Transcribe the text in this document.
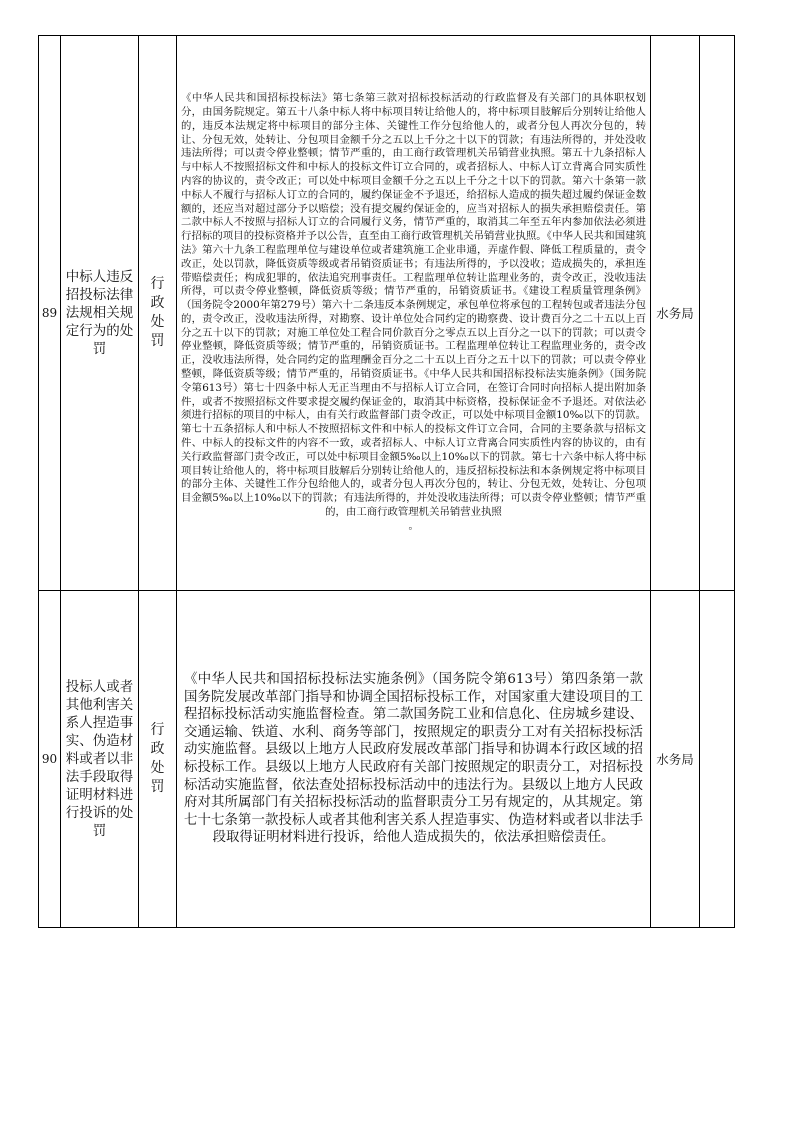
89	中标人违反招投标法律法规相关规定行为的处罚	行政处罚	《中华人民共和国招标投标法》第七条第三款对招标投标活动的行政监督及有关部门的具体职权划分，由国务院规定。第五十八条中标人将中标项目转让给他人的，将中标项目肢解后分别转让给他人的，违反本法规定将中标项目的部分主体、关键性工作分包给他人的，或者分包人再次分包的，转让、分包无效，处转让、分包项目金额千分之五以上千分之十以下的罚款；有违法所得的，并处没收违法所得；可以责令停业整顿；情节严重的，由工商行政管理机关吊销营业执照。第五十九条招标人与中标人不按照招标文件和中标人的投标文件订立合同的，或者招标人、中标人订立背离合同实质性内容的协议的，责令改正；可以处中标项目金额千分之五以上千分之十以下的罚款。第六十条第一款中标人不履行与招标人订立的合同的，履约保证金不予退还，给招标人造成的损失超过履约保证金数额的，还应当对超过部分予以赔偿；没有提交履约保证金的，应当对招标人的损失承担赔偿责任。第二款中标人不按照与招标人订立的合同履行义务，情节严重的，取消其二年至五年内参加依法必须进行招标的项目的投标资格并予以公告，直至由工商行政管理机关吊销营业执照。《中华人民共和国建筑法》第六十九条工程监理单位与建设单位或者建筑施工企业串通，弄虚作假、降低工程质量的，责令改正，处以罚款，降低资质等级或者吊销资质证书；有违法所得的，予以没收；造成损失的，承担连带赔偿责任；构成犯罪的，依法追究刑事责任。工程监理单位转让监理业务的，责令改正，没收违法所得，可以责令停业整顿，降低资质等级；情节严重的，吊销资质证书。《建设工程质量管理条例》（国务院令2000年第279号）第六十二条违反本条例规定，承包单位将承包的工程转包或者违法分包的，责令改正，没收违法所得，对勘察、设计单位处合同约定的勘察费、设计费百分之二十五以上百分之五十以下的罚款；对施工单位处工程合同价款百分之零点五以上百分之一以下的罚款；可以责令停业整顿，降低资质等级；情节严重的，吊销资质证书。工程监理单位转让工程监理业务的，责令改正，没收违法所得，处合同约定的监理酬金百分之二十五以上百分之五十以下的罚款；可以责令停业整顿，降低资质等级；情节严重的，吊销资质证书。《中华人民共和国招标投标法实施条例》（国务院令第613号）第七十四条中标人无正当理由不与招标人订立合同，在签订合同时向招标人提出附加条件，或者不按照招标文件要求提交履约保证金的，取消其中标资格，投标保证金不予退还。对依法必须进行招标的项目的中标人，由有关行政监督部门责令改正，可以处中标项目金额10‰以下的罚款。第七十五条招标人和中标人不按照招标文件和中标人的投标文件订立合同，合同的主要条款与招标文件、中标人的投标文件的内容不一致，或者招标人、中标人订立背离合同实质性内容的协议的，由有关行政监督部门责令改正，可以处中标项目金额5‰以上10‰以下的罚款。第七十六条中标人将中标项目转让给他人的，将中标项目肢解后分别转让给他人的，违反招标投标法和本条例规定将中标项目的部分主体、关键性工作分包给他人的，或者分包人再次分包的，转让、分包无效，处转让、分包项目金额5‰以上10‰以下的罚款；有违法所得的，并处没收违法所得；可以责令停业整顿；情节严重的，由工商行政管理机关吊销营业执照
。	水务局	
90	投标人或者其他利害关系人捏造事实、伪造材料或者以非法手段取得证明材料进行投诉的处罚	行政处罚	《中华人民共和国招标投标法实施条例》（国务院令第613号）第四条第一款国务院发展改革部门指导和协调全国招标投标工作，对国家重大建设项目的工程招标投标活动实施监督检查。第二款国务院工业和信息化、住房城乡建设、交通运输、铁道、水利、商务等部门，按照规定的职责分工对有关招标投标活动实施监督。县级以上地方人民政府发展改革部门指导和协调本行政区域的招标投标工作。县级以上地方人民政府有关部门按照规定的职责分工，对招标投标活动实施监督，依法查处招标投标活动中的违法行为。县级以上地方人民政府对其所属部门有关招标投标活动的监督职责分工另有规定的，从其规定。第七十七条第一款投标人或者其他利害关系人捏造事实、伪造材料或者以非法手段取得证明材料进行投诉，给他人造成损失的，依法承担赔偿责任。	水务局	
